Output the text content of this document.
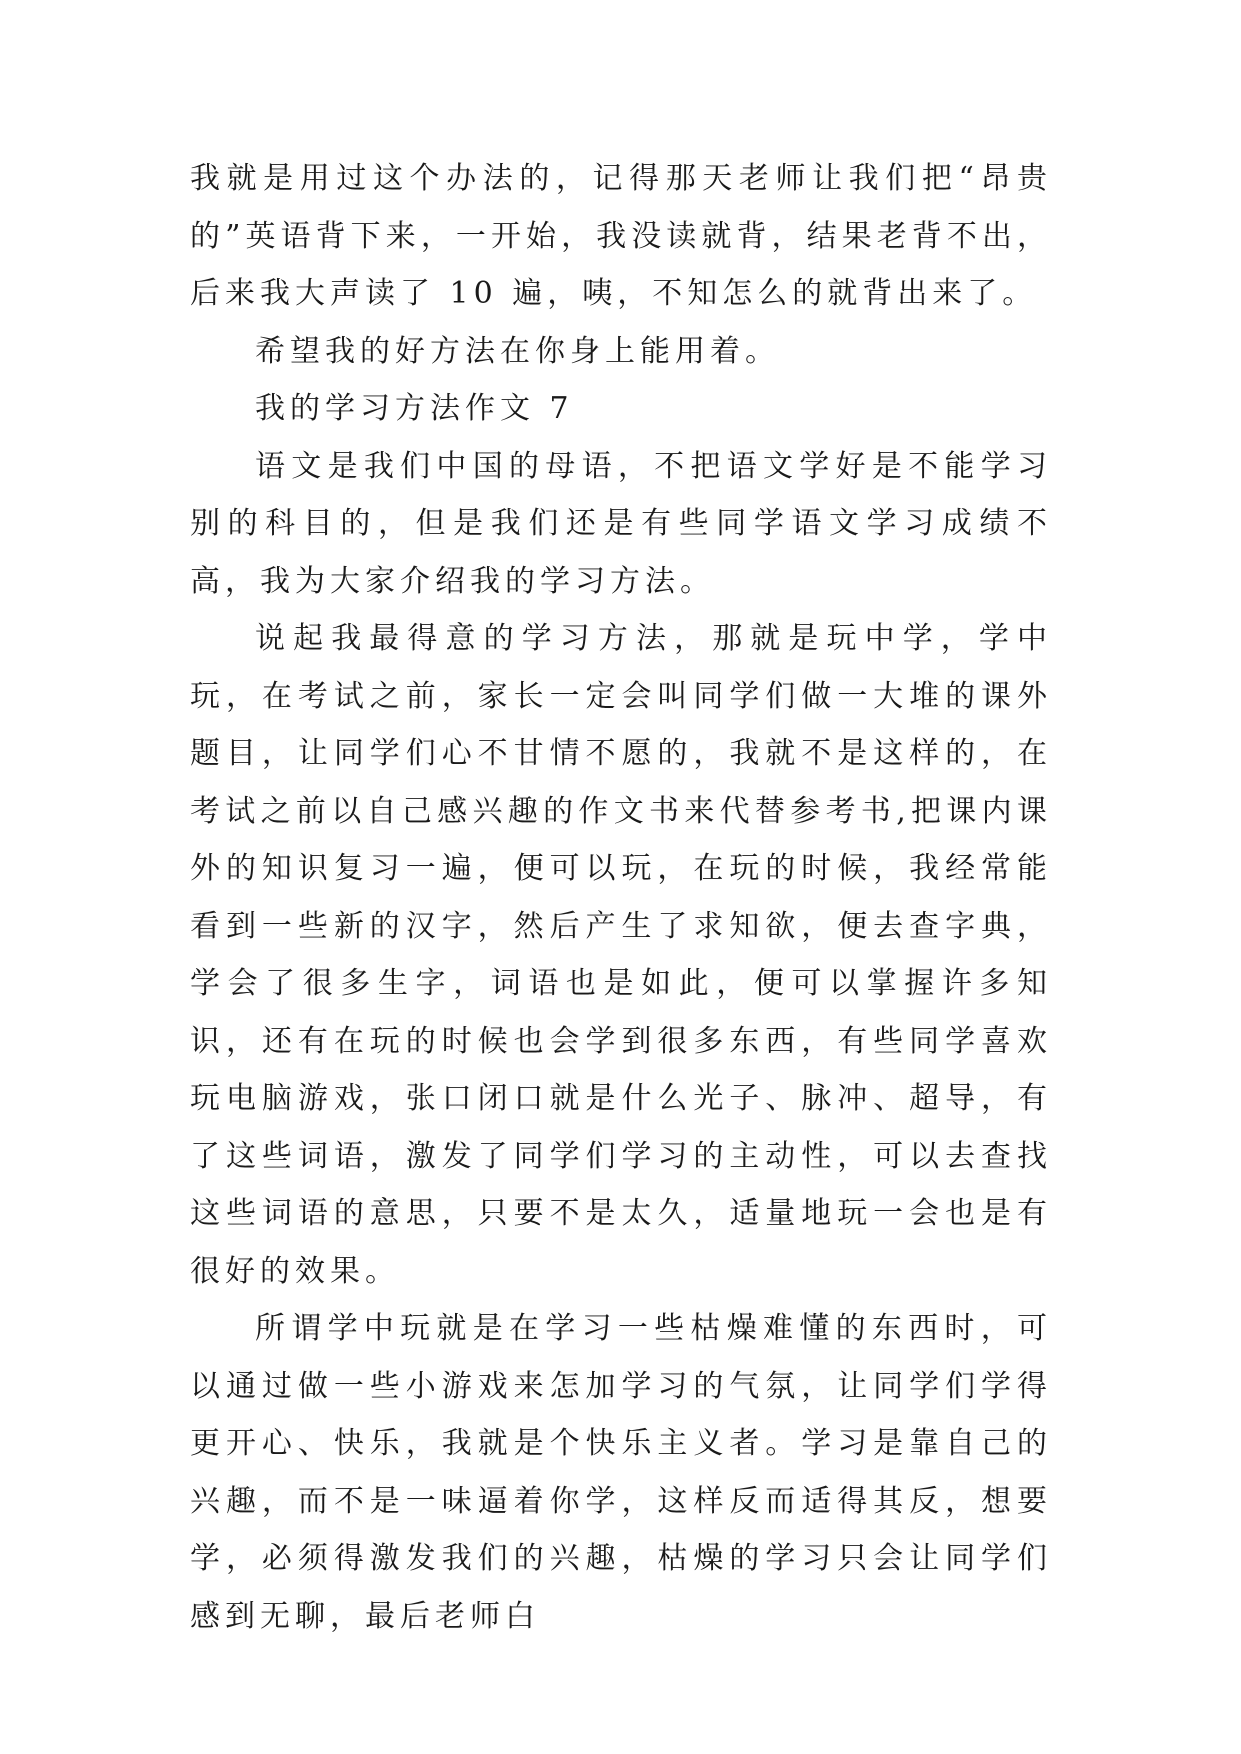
我就是用过这个办法的，记得那天老师让我们把“昂贵的”英语背下来，一开始，我没读就背，结果老背不出，后来我大声读了 10 遍，咦，不知怎么的就背出来了。

希望我的好方法在你身上能用着。

我的学习方法作文 7

语文是我们中国的母语，不把语文学好是不能学习别的科目的，但是我们还是有些同学语文学习成绩不高，我为大家介绍我的学习方法。

说起我最得意的学习方法，那就是玩中学，学中玩，在考试之前，家长一定会叫同学们做一大堆的课外题目，让同学们心不甘情不愿的，我就不是这样的，在考试之前以自己感兴趣的作文书来代替参考书,把课内课外的知识复习一遍，便可以玩，在玩的时候，我经常能看到一些新的汉字，然后产生了求知欲，便去查字典，学会了很多生字，词语也是如此，便可以掌握许多知识，还有在玩的时候也会学到很多东西，有些同学喜欢玩电脑游戏，张口闭口就是什么光子、脉冲、超导，有了这些词语，激发了同学们学习的主动性，可以去查找这些词语的意思，只要不是太久，适量地玩一会也是有很好的效果。

所谓学中玩就是在学习一些枯燥难懂的东西时，可以通过做一些小游戏来怎加学习的气氛，让同学们学得更开心、快乐，我就是个快乐主义者。学习是靠自己的兴趣，而不是一味逼着你学，这样反而适得其反，想要学，必须得激发我们的兴趣，枯燥的学习只会让同学们感到无聊，最后老师白
